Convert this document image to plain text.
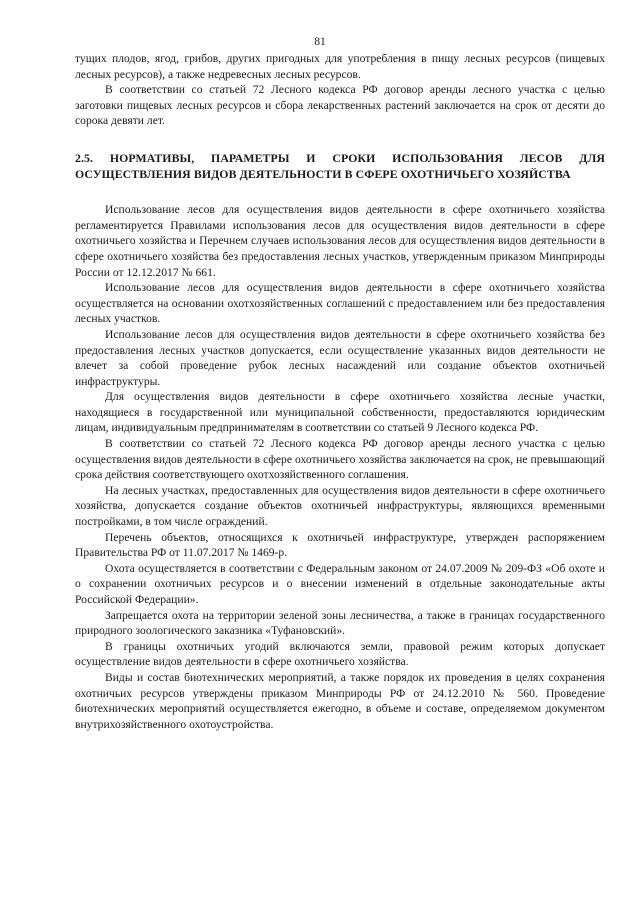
81

тущих плодов, ягод, грибов, других пригодных для употребления в пищу лесных ресурсов (пищевых лесных ресурсов), а также недревесных лесных ресурсов.

В соответствии со статьей 72 Лесного кодекса РФ договор аренды лесного участка с целью заготовки пищевых лесных ресурсов и сбора лекарственных растений заключается на срок от десяти до сорока девяти лет.

2.5. НОРМАТИВЫ, ПАРАМЕТРЫ И СРОКИ ИСПОЛЬЗОВАНИЯ ЛЕСОВ ДЛЯ ОСУЩЕСТВЛЕНИЯ ВИДОВ ДЕЯТЕЛЬНОСТИ В СФЕРЕ ОХОТНИЧЬЕГО ХОЗЯЙСТВА

Использование лесов для осуществления видов деятельности в сфере охотничьего хозяйства регламентируется Правилами использования лесов для осуществления видов деятельности в сфере охотничьего хозяйства и Перечнем случаев использования лесов для осуществления видов деятельности в сфере охотничьего хозяйства без предоставления лесных участков, утвержденным приказом Минприроды России от 12.12.2017 № 661.

Использование лесов для осуществления видов деятельности в сфере охотничьего хозяйства осуществляется на основании охотхозяйственных соглашений с предоставлением или без предоставления лесных участков.

Использование лесов для осуществления видов деятельности в сфере охотничьего хозяйства без предоставления лесных участков допускается, если осуществление указанных видов деятельности не влечет за собой проведение рубок лесных насаждений или создание объектов охотничьей инфраструктуры.

Для осуществления видов деятельности в сфере охотничьего хозяйства лесные участки, находящиеся в государственной или муниципальной собственности, предоставляются юридическим лицам, индивидуальным предпринимателям в соответствии со статьей 9 Лесного кодекса РФ.

В соответствии со статьей 72 Лесного кодекса РФ договор аренды лесного участка с целью осуществления видов деятельности в сфере охотничьего хозяйства заключается на срок, не превышающий срока действия соответствующего охотхозяйственного соглашения.

На лесных участках, предоставленных для осуществления видов деятельности в сфере охотничьего хозяйства, допускается создание объектов охотничьей инфраструктуры, являющихся временными постройками, в том числе ограждений.

Перечень объектов, относящихся к охотничьей инфраструктуре, утвержден распоряжением Правительства РФ от 11.07.2017 № 1469-р.

Охота осуществляется в соответствии с Федеральным законом от 24.07.2009 № 209-ФЗ «Об охоте и о сохранении охотничьих ресурсов и о внесении изменений в отдельные законодательные акты Российской Федерации».

Запрещается охота на территории зеленой зоны лесничества, а также в границах государственного природного зоологического заказника «Туфановский».

В границы охотничьих угодий включаются земли, правовой режим которых допускает осуществление видов деятельности в сфере охотничьего хозяйства.

Виды и состав биотехнических мероприятий, а также порядок их проведения в целях сохранения охотничьих ресурсов утверждены приказом Минприроды РФ от 24.12.2010 № 560. Проведение биотехнических мероприятий осуществляется ежегодно, в объеме и составе, определяемом документом внутрихозяйственного охотоустройства.
